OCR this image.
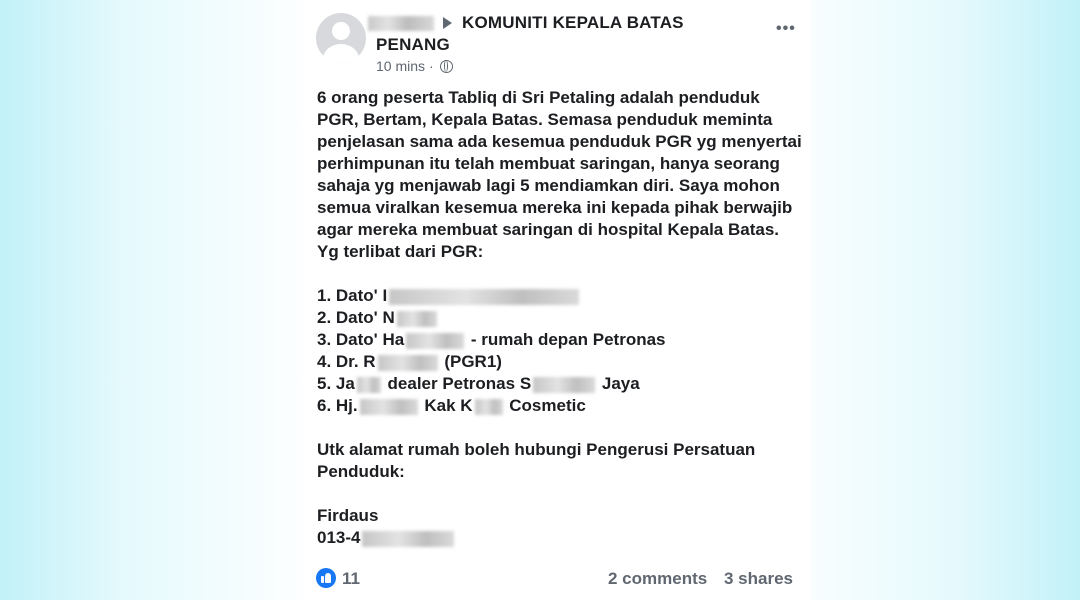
KOMUNITI KEPALA BATAS PENANG
10 mins ·
•••

6 orang peserta Tabliq di Sri Petaling adalah penduduk PGR, Bertam, Kepala Batas. Semasa penduduk meminta penjelasan sama ada kesemua penduduk PGR yg menyertai perhimpunan itu telah membuat saringan, hanya seorang sahaja yg menjawab lagi 5 mendiamkan diri. Saya mohon semua viralkan kesemua mereka ini kepada pihak berwajib agar mereka membuat saringan di hospital Kepala Batas. Yg terlibat dari PGR:

1. Dato' I
2. Dato' N
3. Dato' Ha	- rumah depan Petronas
4. Dr. R	(PGR1)
5. Ja dealer Petronas S	Jaya
6. Hj.	Kak K Cosmetic

Utk alamat rumah boleh hubungi Pengerusi Persatuan Penduduk:

Firdaus

013-4

11	2 comments 3 shares
